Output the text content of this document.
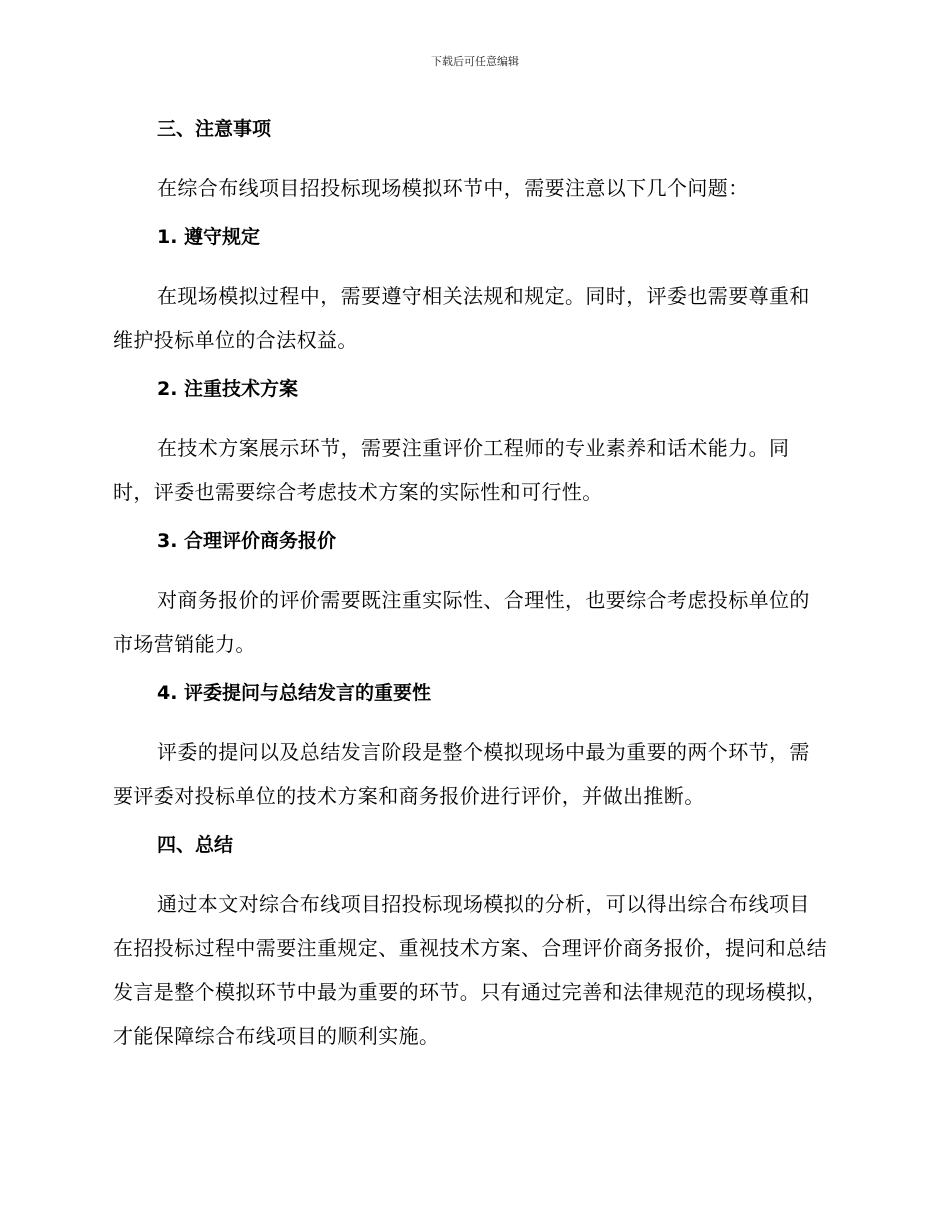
下载后可任意编辑
三、注意事项

在综合布线项目招投标现场模拟环节中，需要注意以下几个问题：

1. 遵守规定

在现场模拟过程中，需要遵守相关法规和规定。同时，评委也需要尊重和维护投标单位的合法权益。

2. 注重技术方案

在技术方案展示环节，需要注重评价工程师的专业素养和话术能力。同时，评委也需要综合考虑技术方案的实际性和可行性。

3. 合理评价商务报价

对商务报价的评价需要既注重实际性、合理性，也要综合考虑投标单位的市场营销能力。

4. 评委提问与总结发言的重要性

评委的提问以及总结发言阶段是整个模拟现场中最为重要的两个环节，需要评委对投标单位的技术方案和商务报价进行评价，并做出推断。

四、总结

通过本文对综合布线项目招投标现场模拟的分析，可以得出综合布线项目在招投标过程中需要注重规定、重视技术方案、合理评价商务报价，提问和总结发言是整个模拟环节中最为重要的环节。只有通过完善和法律规范的现场模拟，才能保障综合布线项目的顺利实施。
